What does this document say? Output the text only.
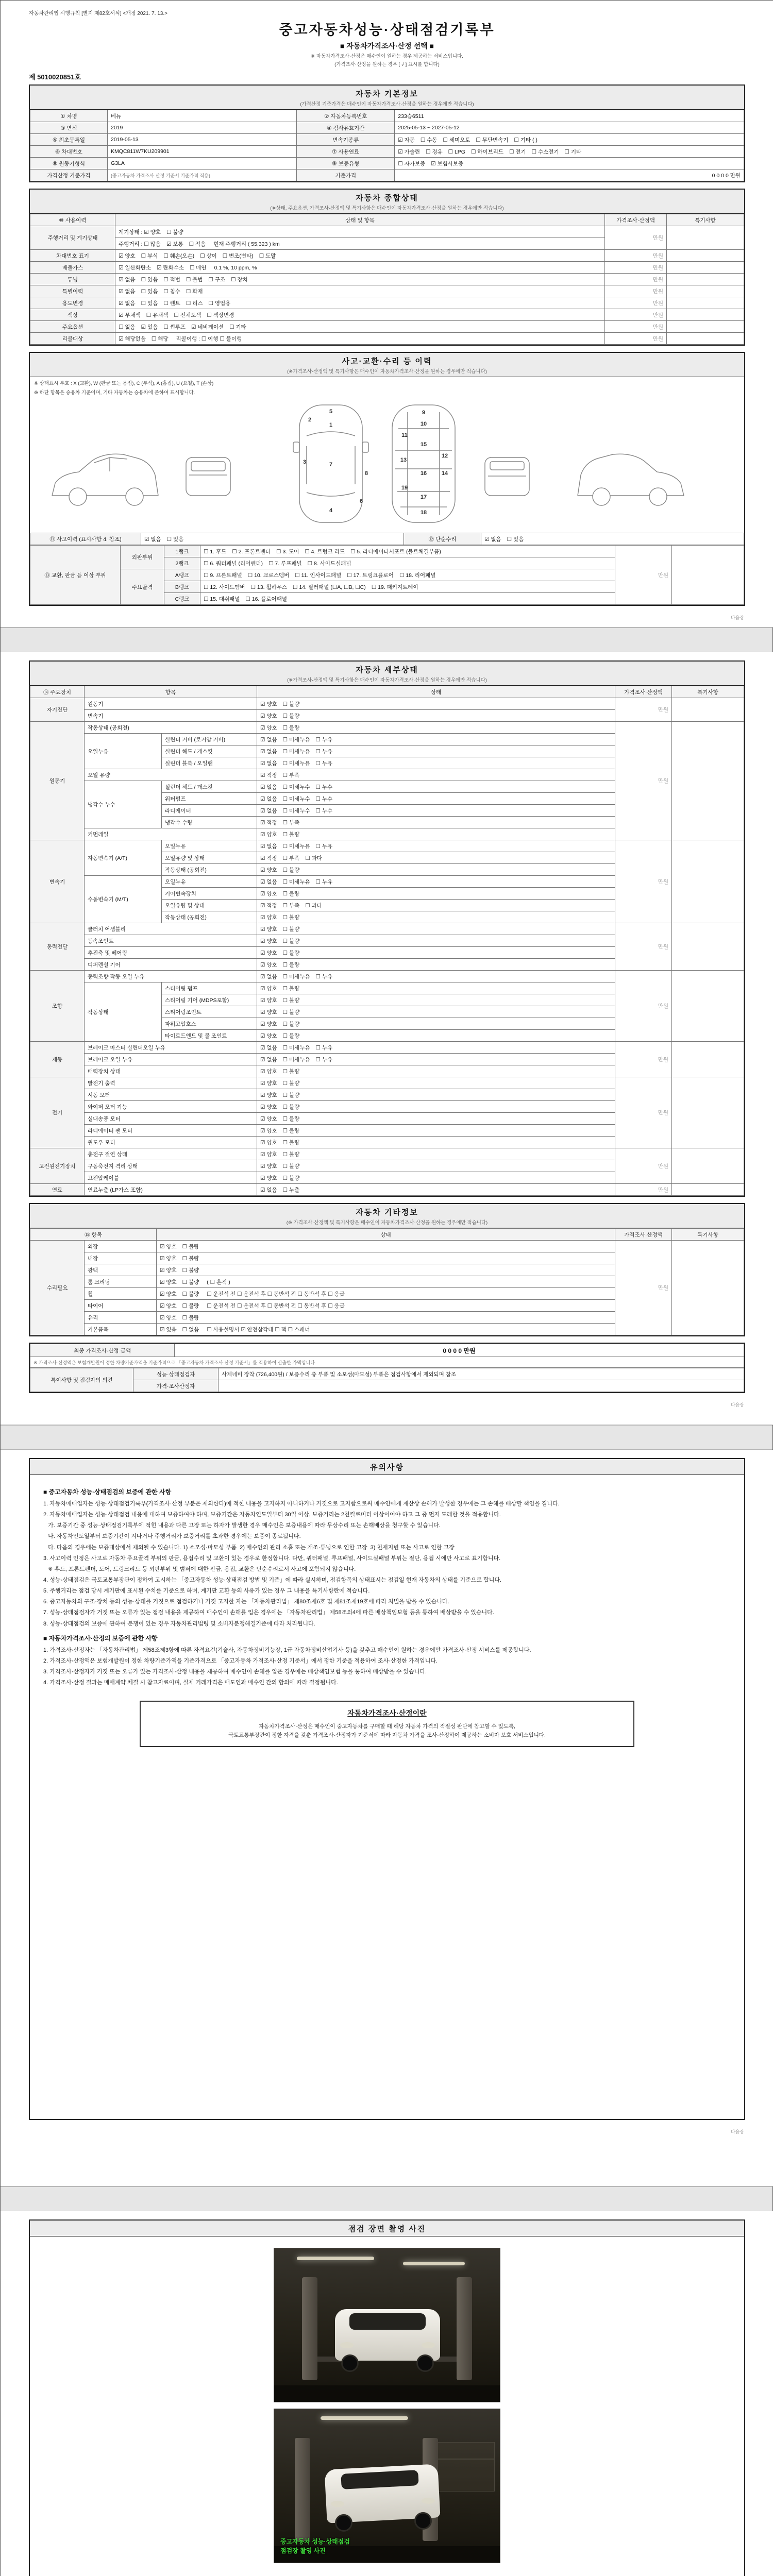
자동차관리법 시행규칙 [별지 제82호서식] <개정 2021. 7. 13.>
중고자동차성능·상태점검기록부
■ 자동차가격조사·산정 선택 ■
※ 자동차가격조사·산정은 매수인이 원하는 경우 제공하는 서비스입니다.
(가격조사·산정을 원하는 경우 [ √ ] 표시를 합니다)
제 5010020851호
자동차 기본정보
(가격산정 기준가격은 매수인이 자동차가격조사·산정을 원하는 경우에만 적습니다)
① 차명	베뉴	② 자동차등록번호	233승6511
③ 연식	2019	④ 검사유효기간	2025-05-13 ~ 2027-05-12
⑤ 최초등록일	2019-05-13	변속기종류	☑ 자동 ☐ 수동 ☐ 세미오토 ☐ 무단변속기 ☐ 기타 ( )
⑥ 차대번호	KMQC811W7KU209901	⑦ 사용연료	☑ 가솔린 ☐ 경유 ☐ LPG ☐ 하이브리드 ☐ 전기 ☐ 수소전기 ☐ 기타
⑧ 원동기형식	G3LA	⑨ 보증유형	☐ 자가보증 ☑ 보험사보증
가격산정 기준가격	(중고자동차 가격조사·산정 기준서 기준가격 적용)	기준가격	0 0 0 0 만원
자동차 종합상태
(※상태, 주요옵션, 가격조사·산정액 및 특기사항은 매수인이 자동차가격조사·산정을 원하는 경우에만 적습니다)
⑩ 사용이력	상태 및 항목	가격조사·산정액	특기사항
주행거리 및 계기상태	계기상태 : ☑ 양호 ☐ 불량	만원	
	주행거리 : ☐ 많음 ☑ 보통 ☐ 적음 현재 주행거리 ( 55,323 ) km		
차대번호 표기	☑ 양호 ☐ 부식 ☐ 훼손(오손) ☐ 상이 ☐ 변조(변타) ☐ 도말	만원	
배출가스	☑ 일산화탄소 ☑ 탄화수소 ☐ 매연 0.1 %, 10 ppm, %	만원	
튜닝	☑ 없음 ☐ 있음 ☐ 적법 ☐ 불법 ☐ 구조 ☐ 장치	만원	
특별이력	☑ 없음 ☐ 있음 ☐ 침수 ☐ 화재	만원	
용도변경	☑ 없음 ☐ 있음 ☐ 렌트 ☐ 리스 ☐ 영업용	만원	
색상	☑ 무채색 ☐ 유채색 ☐ 전체도색 ☐ 색상변경	만원	
주요옵션	☐ 없음 ☑ 있음 ☐ 썬루프 ☑ 네비게이션 ☐ 기타	만원	
리콜대상	☑ 해당없음 ☐ 해당 리콜이행 : ☐ 이행 ☐ 불이행	만원	
사고·교환·수리 등 이력
(※가격조사·산정액 및 특기사항은 매수인이 자동차가격조사·산정을 원하는 경우에만 적습니다)
※ 상태표시 부호 : X (교환), W (판금 또는 용접), C (부식), A (흠집), U (요철), T (손상)
※ 하단 항목은 승용차 기준이며, 기타 자동차는 승용차에 준하여 표시합니다.
5
2
1
3	7
8
6
4
9
10
11
15
12
13
14
16
19
17
18
⑪ 사고이력 (표시사항 4. 참조)	☑ 없음 ☐ 있음	⑫ 단순수리	☑ 없음 ☐ 있음
⑬ 교환, 판금 등 이상 부위	외판부위	1랭크	☐ 1. 후드 ☐ 2. 프론트펜더 ☐ 3. 도어 ☐ 4. 트렁크 리드 ☐ 5. 라디에이터서포트 (볼트체결부품)	만원	
		2랭크	☐ 6. 쿼터패널 (리어펜더) ☐ 7. 루프패널 ☐ 8. 사이드실패널		
	주요골격	A랭크	☐ 9. 프론트패널 ☐ 10. 크로스멤버 ☐ 11. 인사이드패널 ☐ 17. 트렁크플로어 ☐ 18. 리어패널		
		B랭크	☐ 12. 사이드멤버 ☐ 13. 휠하우스 ☐ 14. 필러패널 (☐A, ☐B, ☐C) ☐ 19. 패키지트레이		
		C랭크	☐ 15. 대쉬패널 ☐ 16. 플로어패널		
다음장
자동차 세부상태
(※가격조사·산정액 및 특기사항은 매수인이 자동차가격조사·산정을 원하는 경우에만 적습니다)
⑭ 주요장치	항목		상태	가격조사·산정액	특기사항
자기진단	원동기		☑ 양호 ☐ 불량	만원	
	변속기		☑ 양호 ☐ 불량		
원동기	작동상태 (공회전)		☑ 양호 ☐ 불량	만원	
	오일누유	실린더 커버 (로커암 커버)	☑ 없음 ☐ 미세누유 ☐ 누유		
		실린더 헤드 / 개스킷	☑ 없음 ☐ 미세누유 ☐ 누유		
		실린더 블록 / 오일팬	☑ 없음 ☐ 미세누유 ☐ 누유		
	오일 유량		☑ 적정 ☐ 부족		
	냉각수 누수	실린더 헤드 / 개스킷	☑ 없음 ☐ 미세누수 ☐ 누수		
		워터펌프	☑ 없음 ☐ 미세누수 ☐ 누수		
		라디에이터	☑ 없음 ☐ 미세누수 ☐ 누수		
		냉각수 수량	☑ 적정 ☐ 부족		
	커먼레일		☑ 양호 ☐ 불량		
변속기	자동변속기 (A/T)	오일누유	☑ 없음 ☐ 미세누유 ☐ 누유	만원	
		오일유량 및 상태	☑ 적정 ☐ 부족 ☐ 과다		
		작동상태 (공회전)	☑ 양호 ☐ 불량		
	수동변속기 (M/T)	오일누유	☑ 없음 ☐ 미세누유 ☐ 누유		
		기어변속장치	☑ 양호 ☐ 불량		
		오일유량 및 상태	☑ 적정 ☐ 부족 ☐ 과다		
		작동상태 (공회전)	☑ 양호 ☐ 불량		
동력전달	클러치 어셈블리		☑ 양호 ☐ 불량	만원	
	등속조인트		☑ 양호 ☐ 불량		
	추진축 및 베어링		☑ 양호 ☐ 불량		
	디퍼렌셜 기어		☑ 양호 ☐ 불량		
조향	동력조향 작동 오일 누유		☑ 없음 ☐ 미세누유 ☐ 누유	만원	
	작동상태	스티어링 펌프	☑ 양호 ☐ 불량		
		스티어링 기어 (MDPS포함)	☑ 양호 ☐ 불량		
		스티어링조인트	☑ 양호 ☐ 불량		
		파워고압호스	☑ 양호 ☐ 불량		
		타이로드엔드 및 볼 조인트	☑ 양호 ☐ 불량		
제동	브레이크 마스터 실린더오일 누유		☑ 없음 ☐ 미세누유 ☐ 누유	만원	
	브레이크 오일 누유		☑ 없음 ☐ 미세누유 ☐ 누유		
	배력장치 상태		☑ 양호 ☐ 불량		
전기	발전기 출력		☑ 양호 ☐ 불량	만원	
	시동 모터		☑ 양호 ☐ 불량		
	와이퍼 모터 기능		☑ 양호 ☐ 불량		
	실내송풍 모터		☑ 양호 ☐ 불량		
	라디에이터 팬 모터		☑ 양호 ☐ 불량		
	윈도우 모터		☑ 양호 ☐ 불량		
고전원전기장치	충전구 절연 상태		☑ 양호 ☐ 불량	만원	
	구동축전지 격리 상태		☑ 양호 ☐ 불량		
	고전압케이블		☑ 양호 ☐ 불량		
연료	연료누출 (LP가스 포함)		☑ 없음 ☐ 누출	만원	
자동차 기타정보
(※ 가격조사·산정액 및 특기사항은 매수인이 자동차가격조사·산정을 원하는 경우에만 적습니다)
⑮ 항목		상태	가격조사·산정액	특기사항
수리필요	외장	☑ 양호 ☐ 불량	만원	
	내장	☑ 양호 ☐ 불량		
	광택	☑ 양호 ☐ 불량		
	룸 크리닝	☑ 양호 ☐ 불량 ( ☐ 흔적 )		
	휠	☑ 양호 ☐ 불량 ☐ 운전석 전 ☐ 운전석 후 ☐ 동반석 전 ☐ 동반석 후 ☐ 응급		
	타이어	☑ 양호 ☐ 불량 ☐ 운전석 전 ☐ 운전석 후 ☐ 동반석 전 ☐ 동반석 후 ☐ 응급		
	유리	☑ 양호 ☐ 불량		
	기본품목	☑ 있음 ☐ 없음 ☐ 사용설명서 ☑ 안전삼각대 ☐ 잭 ☐ 스패너		
최종 가격조사·산정 금액	0 0 0 0 만원
※ 가격조사·산정액은 보험개발원이 정한 차량기준가액을 기준가격으로 「중고자동차 가격조사·산정 기준서」를 적용하여 산출한 가액입니다.
특이사항 및 점검자의 의견	성능·상태점검자	사제네비 장착 (726,400원) / 보증수리 중 부품 및 소모성(마모성) 부품은 점검사항에서 제외되며 참조
	가격·조사산정자	
다음장
유의사항
■ 중고자동차 성능·상태점검의 보증에 관한 사항

1. 자동차매매업자는 성능·상태점검기록부(가격조사·산정 부분은 제외한다)에 적힌 내용을 고지하지 아니하거나 거짓으로 고지함으로써 매수인에게 재산상 손해가 발생한 경우에는 그 손해를 배상할 책임을 집니다.

2. 자동차매매업자는 성능·상태점검 내용에 대하여 보증하여야 하며, 보증기간은 자동차인도일부터 30일 이상, 보증거리는 2천킬로미터 이상이어야 하고 그 중 먼저 도래한 것을 적용합니다.

가. 보증기간 중 성능·상태점검기록부에 적힌 내용과 다른 고장 또는 하자가 발생한 경우 매수인은 보증내용에 따라 무상수리 또는 손해배상을 청구할 수 있습니다.

나. 자동차인도일부터 보증기간이 지나거나 주행거리가 보증거리를 초과한 경우에는 보증이 종료됩니다.

다. 다음의 경우에는 보증대상에서 제외될 수 있습니다. 1) 소모성·마모성 부품  2) 매수인의 관리 소홀 또는 개조·튜닝으로 인한 고장  3) 천재지변 또는 사고로 인한 고장

3. 사고이력 인정은 사고로 자동차 주요골격 부위의 판금, 용접수리 및 교환이 있는 경우로 한정합니다. 다만, 쿼터패널, 루프패널, 사이드실패널 부위는 절단, 용접 시에만 사고로 표기합니다.

※ 후드, 프론트펜더, 도어, 트렁크리드 등 외판부위 및 범퍼에 대한 판금, 용접, 교환은 단순수리로서 사고에 포함되지 않습니다.

4. 성능·상태점검은 국토교통부장관이 정하여 고시하는 「중고자동차 성능·상태점검 방법 및 기준」에 따라 실시하며, 점검항목의 상태표시는 점검일 현재 자동차의 상태를 기준으로 합니다.

5. 주행거리는 점검 당시 계기판에 표시된 수치를 기준으로 하며, 계기판 교환 등의 사유가 있는 경우 그 내용을 특기사항란에 적습니다.

6. 중고자동차의 구조·장치 등의 성능·상태를 거짓으로 점검하거나 거짓 고지한 자는 「자동차관리법」 제80조제6호 및 제81조제19호에 따라 처벌을 받을 수 있습니다.

7. 성능·상태점검자가 거짓 또는 오류가 있는 점검 내용을 제공하여 매수인이 손해를 입은 경우에는 「자동차관리법」 제58조의4에 따른 배상책임보험 등을 통하여 배상받을 수 있습니다.

8. 성능·상태점검의 보증에 관하여 분쟁이 있는 경우 자동차관리법령 및 소비자분쟁해결기준에 따라 처리됩니다.

■ 자동차가격조사·산정의 보증에 관한 사항

1. 가격조사·산정자는 「자동차관리법」 제58조제3항에 따른 자격요건(기술사, 자동차정비기능장, 1급 자동차정비산업기사 등)을 갖추고 매수인이 원하는 경우에만 가격조사·산정 서비스를 제공합니다.

2. 가격조사·산정액은 보험개발원이 정한 차량기준가액을 기준가격으로 「중고자동차 가격조사·산정 기준서」에서 정한 기준을 적용하여 조사·산정한 가격입니다.

3. 가격조사·산정자가 거짓 또는 오류가 있는 가격조사·산정 내용을 제공하여 매수인이 손해를 입은 경우에는 배상책임보험 등을 통하여 배상받을 수 있습니다.

4. 가격조사·산정 결과는 매매계약 체결 시 참고자료이며, 실제 거래가격은 매도인과 매수인 간의 합의에 따라 결정됩니다.

자동차가격조사·산정이란
자동차가격조사·산정은 매수인이 중고자동차를 구매할 때 해당 자동차 가격의 적절성 판단에 참고할 수 있도록,
국토교통부장관이 정한 자격을 갖춘 가격조사·산정자가 기준서에 따라 자동차 가격을 조사·산정하여 제공하는 소비자 보호 서비스입니다.
다음장
점검 장면 촬영 사진
중고자동차 성능·상태점검
점검장 촬영 사진
